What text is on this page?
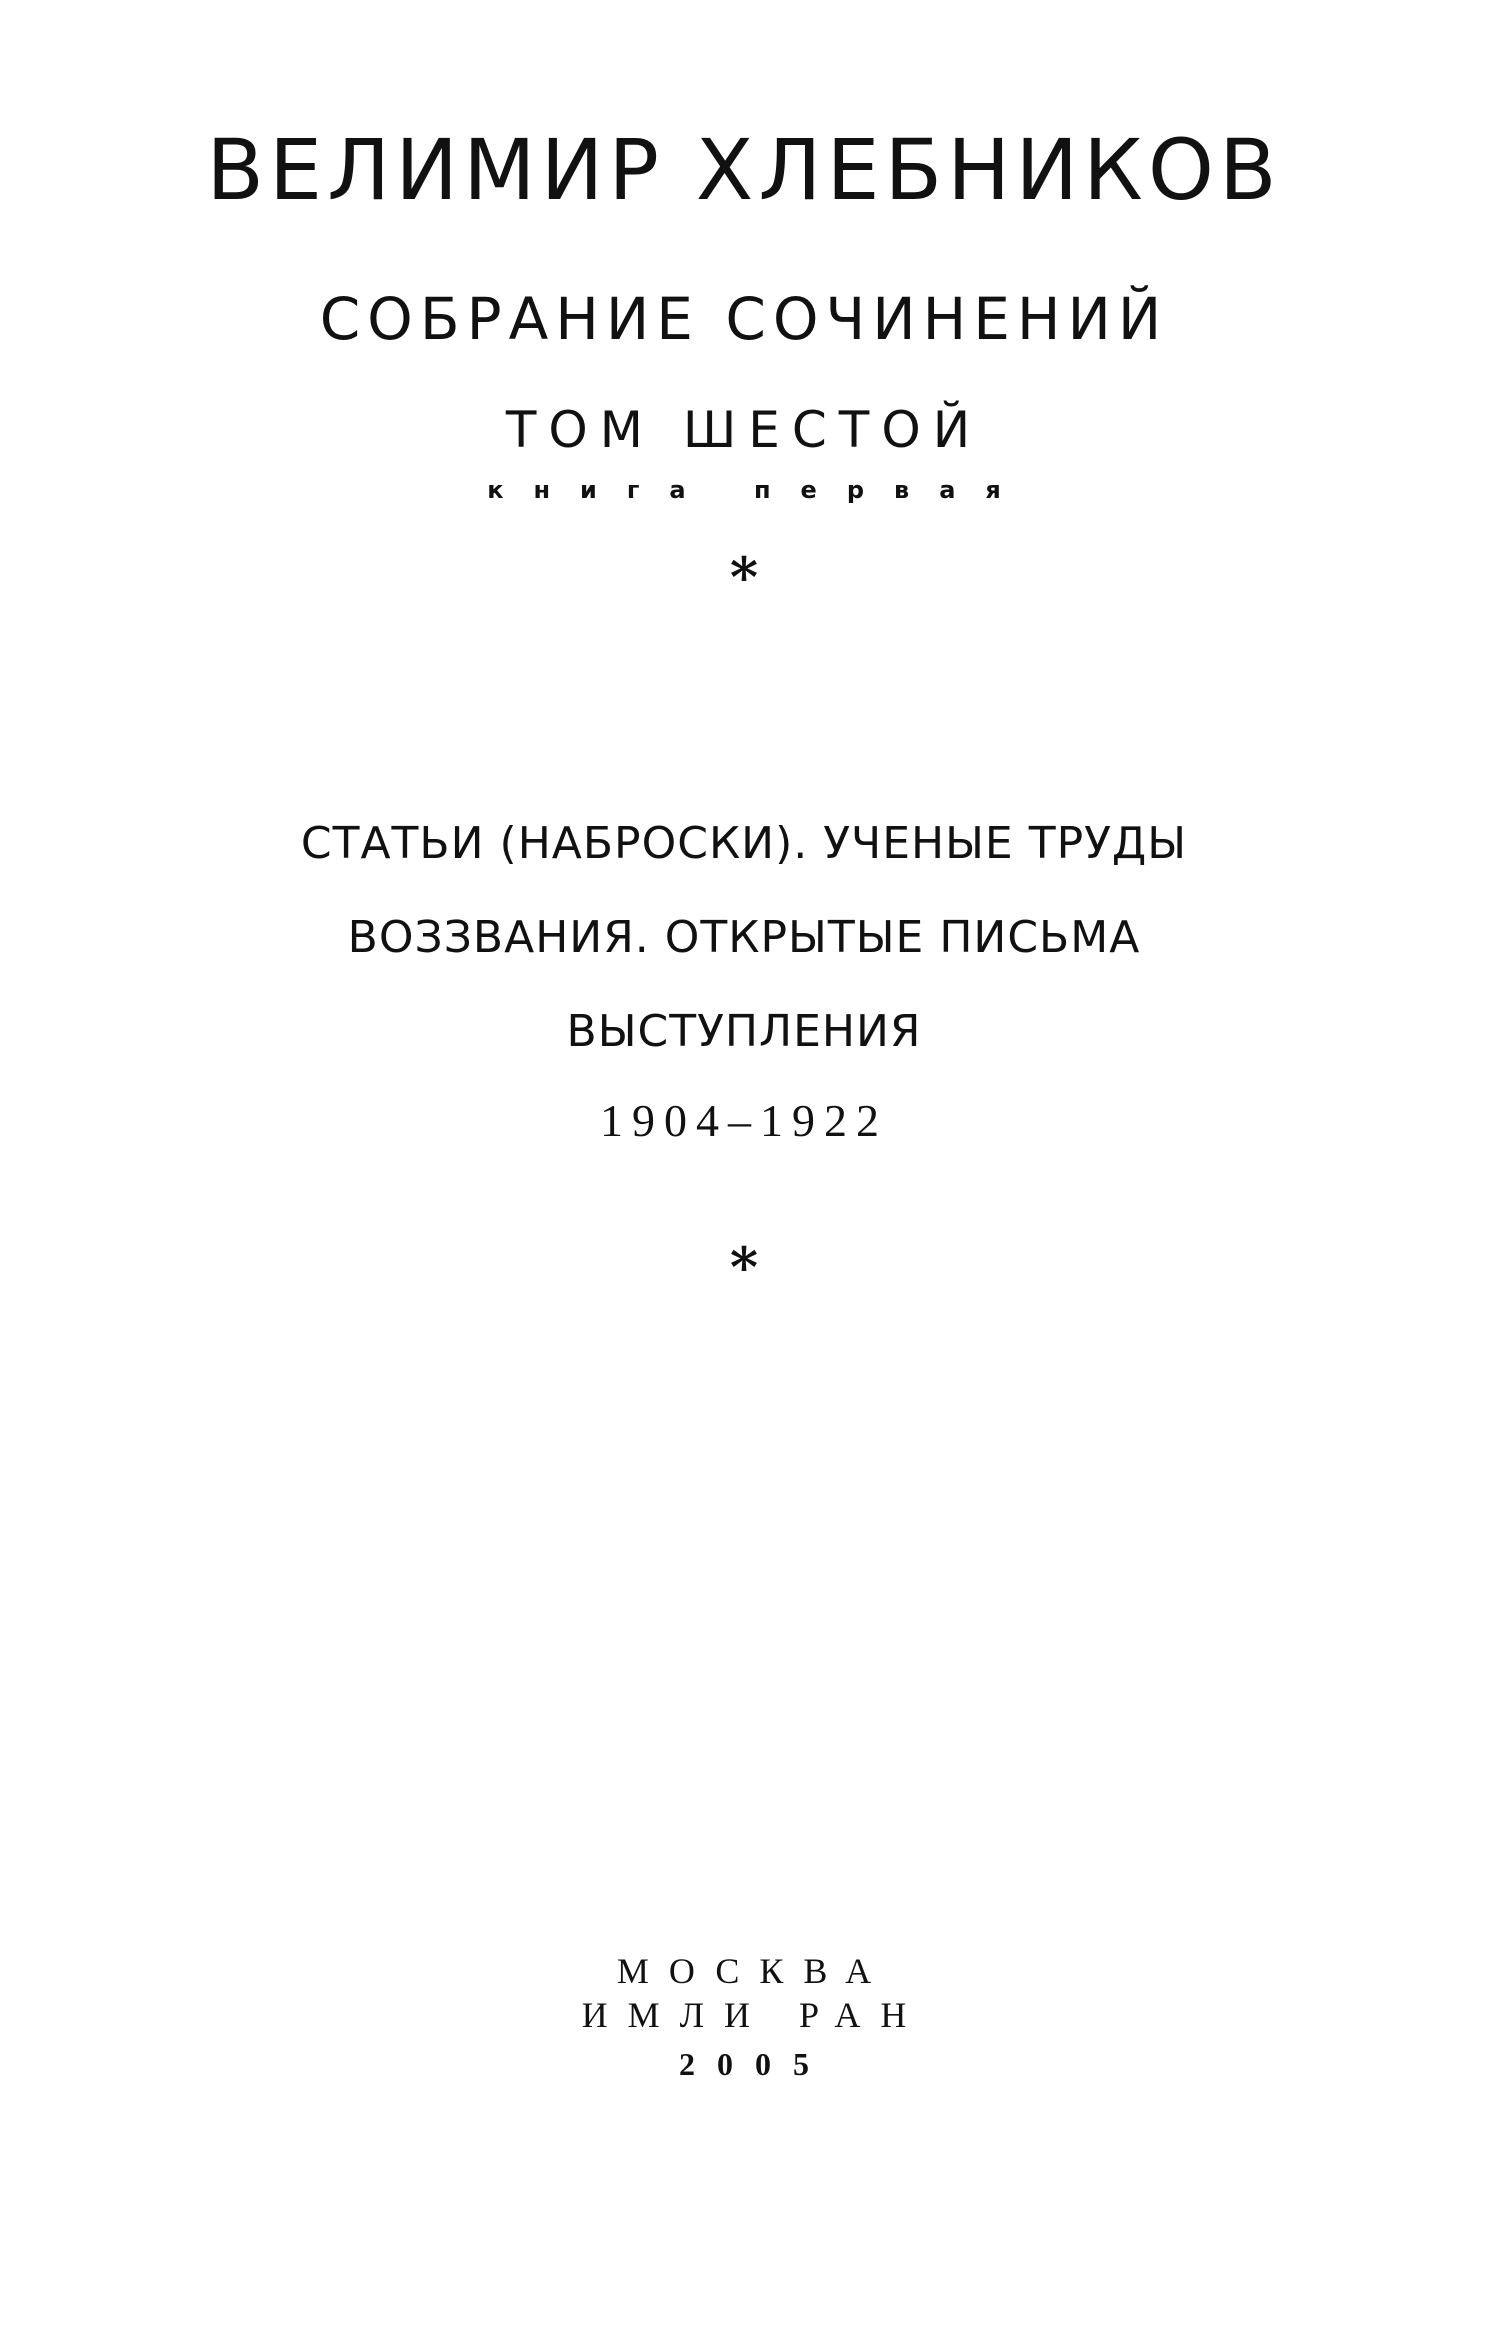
ВЕЛИМИР ХЛЕБНИКОВ
СОБРАНИЕ СОЧИНЕНИЙ
ТОМ ШЕСТОЙ
книга первая
*
СТАТЬИ (НАБРОСКИ). УЧЕНЫЕ ТРУДЫ
ВОЗЗВАНИЯ. ОТКРЫТЫЕ ПИСЬМА
ВЫСТУПЛЕНИЯ
1904–1922
*
МОСКВА
ИМЛИ РАН
2005
